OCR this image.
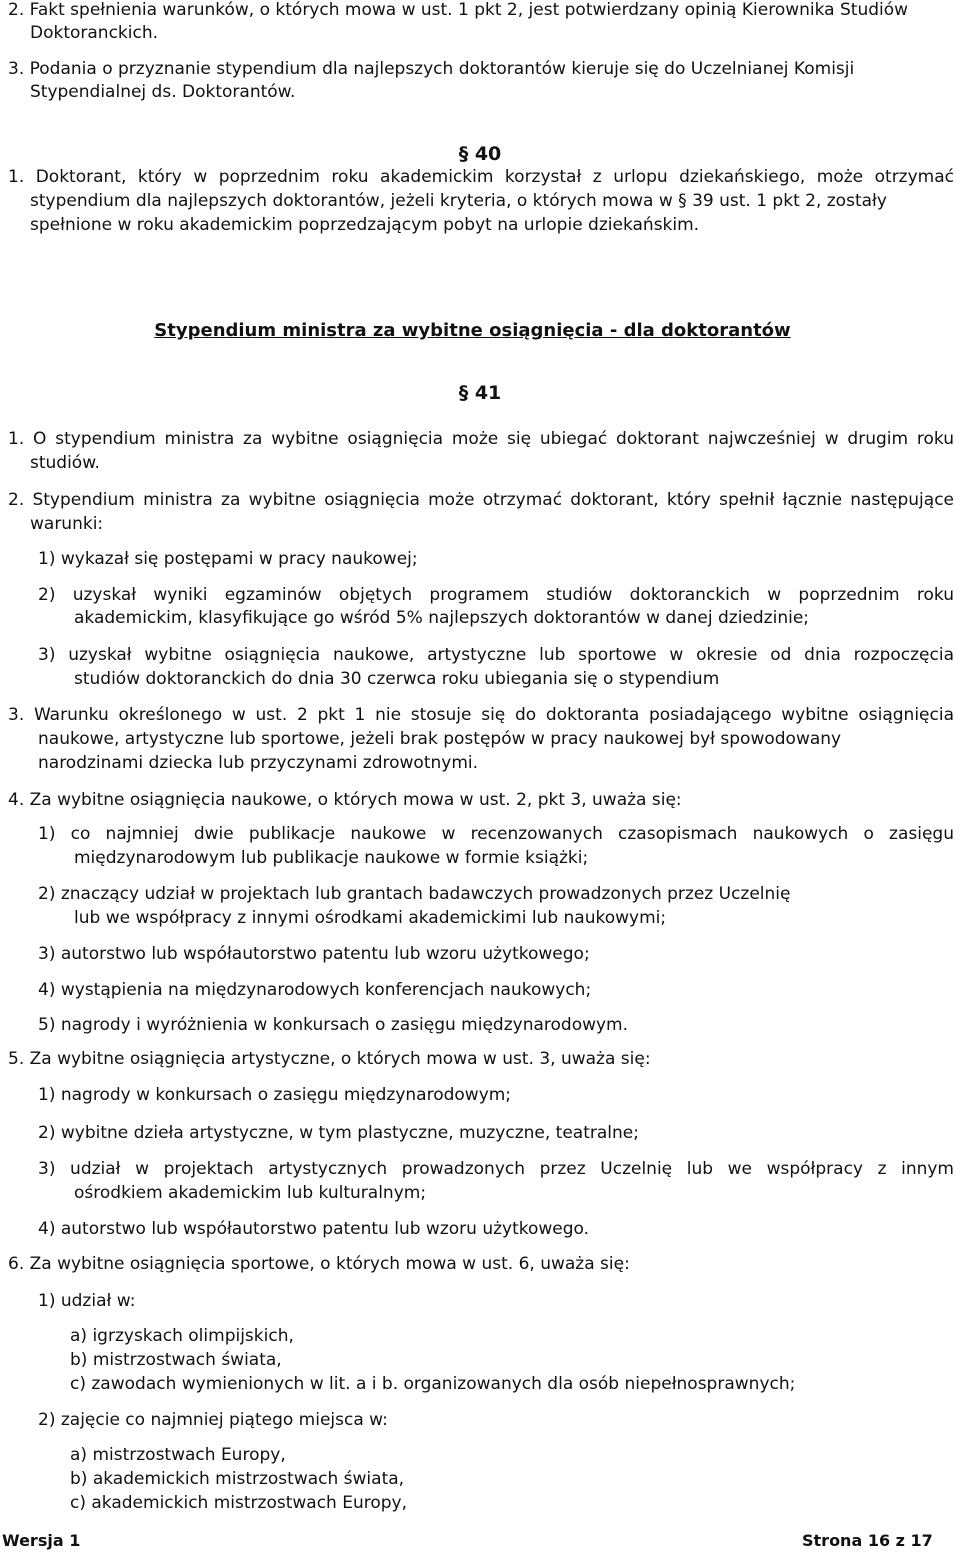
2. Fakt spełnienia warunków, o których mowa w ust. 1 pkt 2, jest potwierdzany opinią Kierownika Studiów
Doktoranckich.
3. Podania o przyznanie stypendium dla najlepszych doktorantów kieruje się do Uczelnianej Komisji
Stypendialnej ds. Doktorantów.
§ 40
1. Doktorant, który w poprzednim roku akademickim korzystał z urlopu dziekańskiego, może otrzymać
stypendium dla najlepszych doktorantów, jeżeli kryteria, o których mowa w § 39 ust. 1 pkt 2, zostały
spełnione w roku akademickim poprzedzającym pobyt na urlopie dziekańskim.
Stypendium ministra za wybitne osiągnięcia - dla doktorantów
§ 41
1. O stypendium ministra za wybitne osiągnięcia może się ubiegać doktorant najwcześniej w drugim roku
studiów.
2. Stypendium ministra za wybitne osiągnięcia może otrzymać doktorant, który spełnił łącznie następujące
warunki:
1) wykazał się postępami w pracy naukowej;
2) uzyskał wyniki egzaminów objętych programem studiów doktoranckich w poprzednim roku
akademickim, klasyfikujące go wśród 5% najlepszych doktorantów w danej dziedzinie;
3) uzyskał wybitne osiągnięcia naukowe, artystyczne lub sportowe w okresie od dnia rozpoczęcia
studiów doktoranckich do dnia 30 czerwca roku ubiegania się o stypendium
3. Warunku określonego w ust. 2 pkt 1 nie stosuje się do doktoranta posiadającego wybitne osiągnięcia
naukowe, artystyczne lub sportowe, jeżeli brak postępów w pracy naukowej był spowodowany
narodzinami dziecka lub przyczynami zdrowotnymi.
4. Za wybitne osiągnięcia naukowe, o których mowa w ust. 2, pkt 3, uważa się:
1) co najmniej dwie publikacje naukowe w recenzowanych czasopismach naukowych o zasięgu
międzynarodowym lub publikacje naukowe w formie książki;
2) znaczący udział w projektach lub grantach badawczych prowadzonych przez Uczelnię
lub we współpracy z innymi ośrodkami akademickimi lub naukowymi;
3) autorstwo lub współautorstwo patentu lub wzoru użytkowego;
4) wystąpienia na międzynarodowych konferencjach naukowych;
5) nagrody i wyróżnienia w konkursach o zasięgu międzynarodowym.
5. Za wybitne osiągnięcia artystyczne, o których mowa w ust. 3, uważa się:
1) nagrody w konkursach o zasięgu międzynarodowym;
2) wybitne dzieła artystyczne, w tym plastyczne, muzyczne, teatralne;
3) udział w projektach artystycznych prowadzonych przez Uczelnię lub we współpracy z innym
ośrodkiem akademickim lub kulturalnym;
4) autorstwo lub współautorstwo patentu lub wzoru użytkowego.
6. Za wybitne osiągnięcia sportowe, o których mowa w ust. 6, uważa się:
1) udział w:
a) igrzyskach olimpijskich,
b) mistrzostwach świata,
c) zawodach wymienionych w lit. a i b. organizowanych dla osób niepełnosprawnych;
2) zajęcie co najmniej piątego miejsca w:
a) mistrzostwach Europy,
b) akademickich mistrzostwach świata,
c) akademickich mistrzostwach Europy,
Wersja 1	Strona 16 z 17
